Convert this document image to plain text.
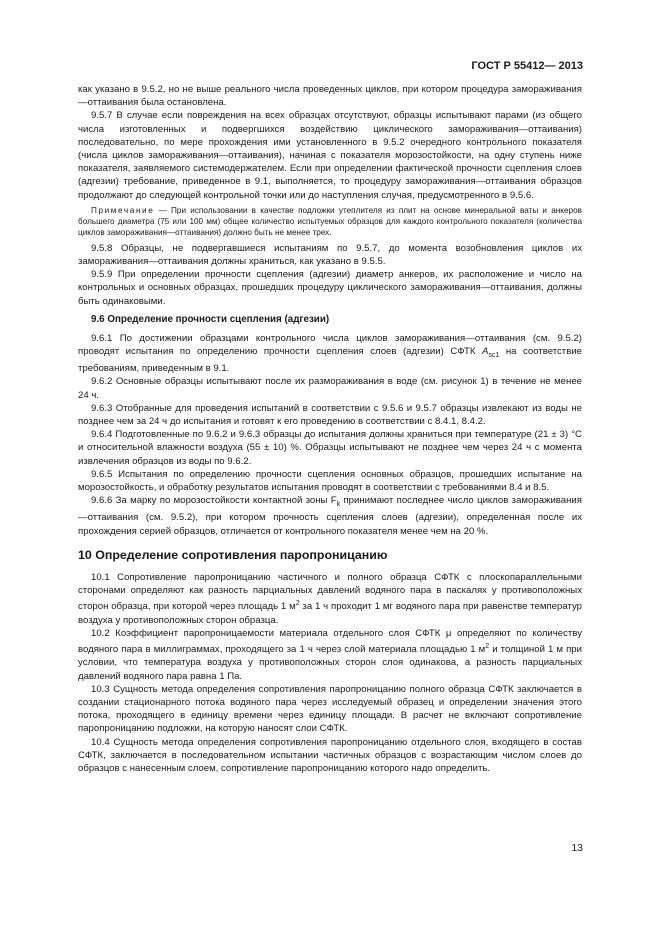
ГОСТ Р 55412— 2013

как указано в 9.5.2, но не выше реального числа проведенных циклов, при котором процедура замораживания—оттаивания была остановлена.

9.5.7 В случае если повреждения на всех образцах отсутствуют, образцы испытывают парами (из общего числа изготовленных и подвергшихся воздействию циклического замораживания—оттаивания) последовательно, по мере прохождения ими установленного в 9.5.2 очередного контрольного показателя (числа циклов замораживания—оттаивания), начиная с показателя морозостойкости, на одну ступень ниже показателя, заявляемого системодержателем. Если при определении фактической прочности сцепления слоев (адгезии) требование, приведенное в 9.1, выполняется, то процедуру замораживания—оттаивания образцов продолжают до следующей контрольной точки или до наступления случая, предусмотренного в 9.5.6.

Примечание — При использовании в качестве подложки утеплителя из плит на основе минеральной ваты и анкеров большего диаметра (75 или 100 мм) общее количество испытуемых образцов для каждого контрольного показателя (количества циклов замораживания—оттаивания) должно быть не менее трех.

9.5.8 Образцы, не подвергавшиеся испытаниям по 9.5.7, до момента возобновления циклов их замораживания—оттаивания должны храниться, как указано в 9.5.5.

9.5.9 При определении прочности сцепления (адгезии) диаметр анкеров, их расположение и число на контрольных и основных образцах, прошедших процедуру циклического замораживания—оттаивания, должны быть одинаковыми.

9.6 Определение прочности сцепления (адгезии)

9.6.1 По достижении образцами контрольного числа циклов замораживания—оттаивания (см. 9.5.2) проводят испытания по определению прочности сцепления слоев (адгезии) СФТК $A_{sc1}$ на соответствие требованиям, приведенным в 9.1.

9.6.2 Основные образцы испытывают после их размораживания в воде (см. рисунок 1) в течение не менее 24 ч.

9.6.3 Отобранные для проведения испытаний в соответствии с 9.5.6 и 9.5.7 образцы извлекают из воды не позднее чем за 24 ч до испытания и готовят к его проведению в соответствии с 8.4.1, 8.4.2.

9.6.4 Подготовленные по 9.6.2 и 9.6.3 образцы до испытания должны храниться при температуре (21 ± 3) °С и относительной влажности воздуха (55 ± 10) %. Образцы испытывают не позднее чем через 24 ч с момента извлечения образцов из воды по 9.6.2.

9.6.5 Испытания по определению прочности сцепления основных образцов, прошедших испытание на морозостойкость, и обработку результатов испытания проводят в соответствии с требованиями 8.4 и 8.5.

9.6.6 За марку по морозостойкости контактной зоны $F_k$ принимают последнее число циклов замораживания—оттаивания (см. 9.5.2), при котором прочность сцепления слоев (адгезии), определенная после их прохождения серией образцов, отличается от контрольного показателя менее чем на 20 %.

10 Определение сопротивления паропроницанию

10.1 Сопротивление паропроницанию частичного и полного образца СФТК с плоскопараллельными сторонами определяют как разность парциальных давлений водяного пара в паскалях у противоположных сторон образца, при которой через площадь 1 $м^2$ за 1 ч проходит 1 мг водяного пара при равенстве температур воздуха у противоположных сторон образца.

10.2 Коэффициент паропроницаемости материала отдельного слоя СФТК μ определяют по количеству водяного пара в миллиграммах, проходящего за 1 ч через слой материала площадью 1 $м^2$ и толщиной 1 м при условии, что температура воздуха у противоположных сторон слоя одинакова, а разность парциальных давлений водяного пара равна 1 Па.

10.3 Сущность метода определения сопротивления паропроницанию полного образца СФТК заключается в создании стационарного потока водяного пара через исследуемый образец и определении значения этого потока, проходящего в единицу времени через единицу площади. В расчет не включают сопротивление паропроницанию подложки, на которую наносят слои СФТК.

10.4 Сущность метода определения сопротивления паропроницанию отдельного слоя, входящего в состав СФТК, заключается в последовательном испытании частичных образцов с возрастающим числом слоев до образцов с нанесенным слоем, сопротивление паропроницанию которого надо определить.

13
